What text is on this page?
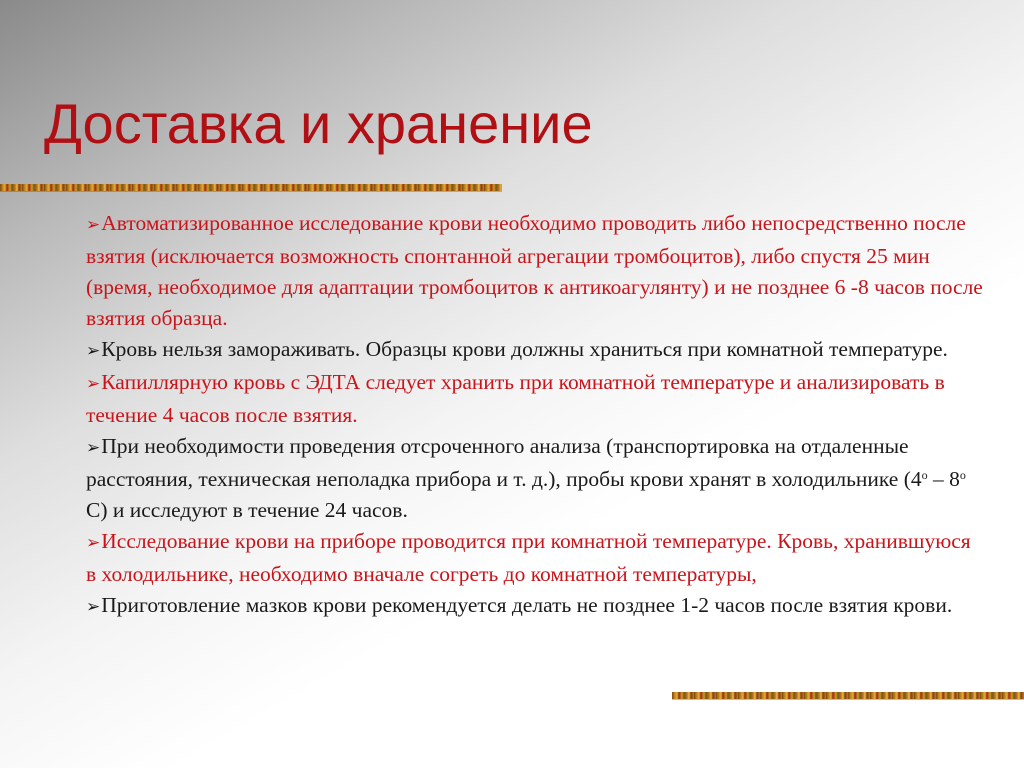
Доставка и хранение
➢Автоматизированное исследование крови необходимо проводить либо непосредственно после взятия (исключается возможность спонтанной агрегации тромбоцитов), либо спустя 25 мин (время, необходимое для адаптации тромбоцитов к антикоагулянту) и не позднее 6 -8 часов после взятия образца.
➢Кровь нельзя замораживать. Образцы крови должны храниться при комнатной температуре.
➢Капиллярную кровь с ЭДТА следует хранить при комнатной температуре и анализировать в течение 4 часов после взятия.
➢При необходимости проведения отсроченного анализа (транспортировка на отдаленные расстояния, техническая неполадка прибора и т. д.), пробы крови хранят в холодильнике ($4^о - 8^о$ С) и исследуют в течение 24 часов.
➢Исследование крови на приборе проводится при комнатной температуре. Кровь, хранившуюся в холодильнике, необходимо вначале согреть до комнатной температуры,
➢Приготовление мазков крови рекомендуется делать не позднее 1-2 часов после взятия крови.
